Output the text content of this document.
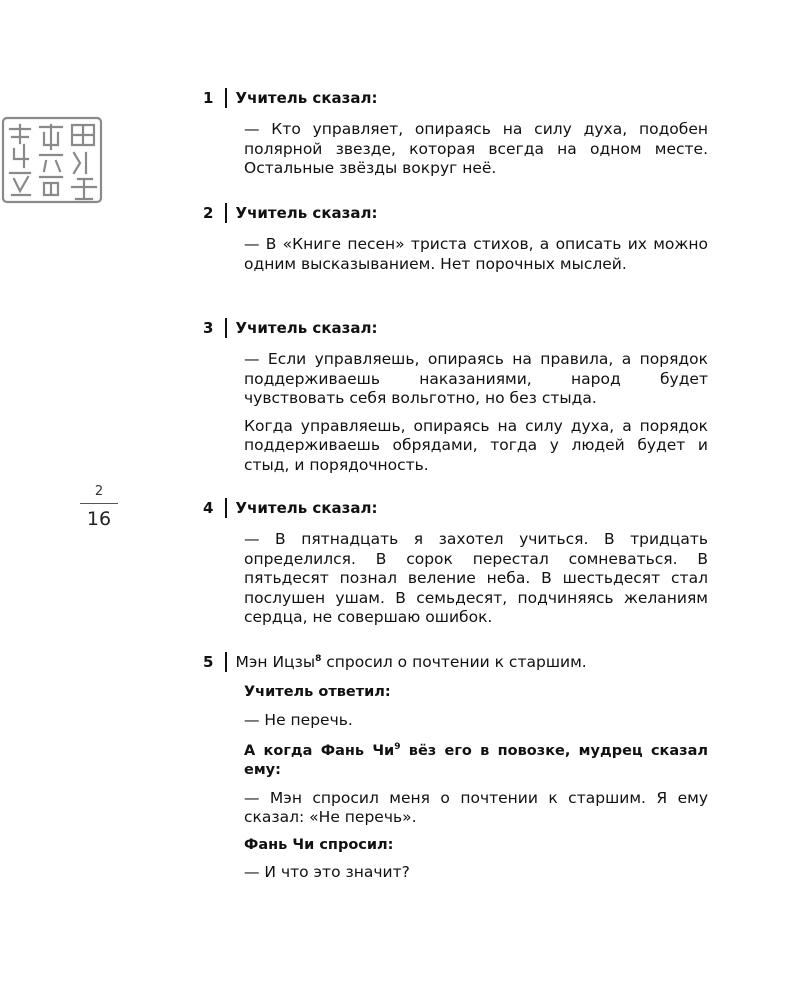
2
16
1	Учитель сказал:

— Кто управляет, опираясь на силу духа, подобен полярной звезде, которая всегда на одном месте. Остальные звёзды вокруг неё.

2	Учитель сказал:

— В «Книге песен» триста стихов, а описать их можно одним высказыванием. Нет порочных мыслей.

3	Учитель сказал:

— Если управляешь, опираясь на правила, а порядок поддерживаешь наказаниями, народ будет чувствовать себя вольготно, но без стыда.

Когда управляешь, опираясь на силу духа, а порядок поддерживаешь обрядами, тогда у людей будет и стыд, и порядочность.

4	Учитель сказал:

— В пятнадцать я захотел учиться. В тридцать определился. В сорок перестал сомневаться. В пятьдесят познал веление неба. В шестьдесят стал послушен ушам. В семьдесят, подчиняясь желаниям сердца, не совершаю ошибок.

5	Мэн Ицзы$^8$ спросил о почтении к старшим.

Учитель ответил:

— Не перечь.

А когда Фань $Чи^9$ вёз его в повозке, мудрец сказал ему:

— Мэн спросил меня о почтении к старшим. Я ему сказал: «Не перечь».

Фань Чи спросил:

— И что это значит?
